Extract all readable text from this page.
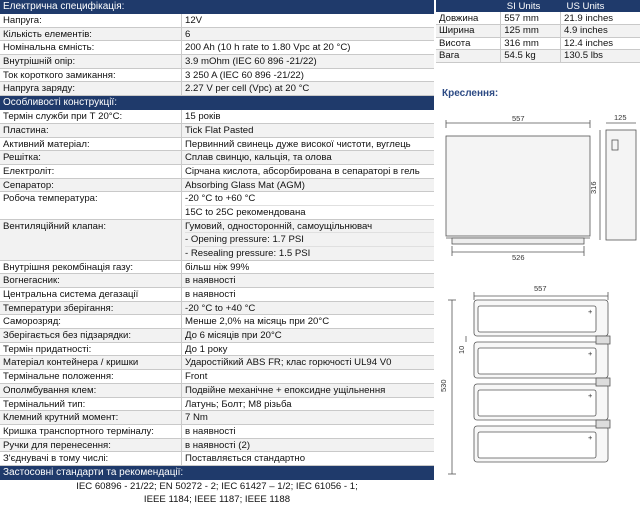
Електрична специфікація:
Напруга:	12V
Кількість елементів:	6
Номінальна ємність:	200 Ah (10 h rate to 1.80 Vpc at 20 °C)
Внутрішній опір:	3.9 mOhm (IEC 60 896 -21/22)
Ток короткого замикання:	3 250 A (IEC 60 896 -21/22)
Напруга заряду:	2.27 V per cell (Vpc) at 20 °C
Особливості конструкції:
Термін служби при Т 20°С:	15 років
Пластина:	Tick Flat Pasted
Активний матеріал:	Первинний свинець дуже високої чистоти, вуглець
Решітка:	Сплав свинцю, кальція, та олова
Електроліт:	Сірчана кислота, абсорбирована в сепараторі в гель
Сепаратор:	Absorbing Glass Mat (AGM)
Робоча температура:	-20 °C to +60 °C
15C to 25C рекомендована
Вентиляційний клапан:	Гумовий, односторонній, самоущільнювач
- Opening pressure: 1.7 PSI
- Resealing pressure: 1.5 PSI
Внутрішня рекомбінація газу:	більш ніж 99%
Вогнегасник:	в наявності
Центральна система дегазації	в наявності
Температури зберігання:	-20 °C to +40 °C
Саморозряд:	Менше 2,0% на місяць при 20°C
Зберігається без підзарядки:	До 6 місяців при 20°C
Термін придатності:	До 1 року
Матеріал контейнера / кришки	Ударостійкий ABS FR; клас горючості UL94 V0
Термінальне положення:	Front
Ополмбування клем:	Подвійне механічне + епоксидне ущільнення
Термінальний тип:	Латунь; Болт; M8 різьба
Клемний крутний момент:	7 Nm
Кришка транспортного терміналу:	в наявності
Ручки для перенесення:	в наявності (2)
З'єднувачі в тому числі:	Поставляється стандартно
Застосовні стандарти та рекомендації:
IEC 60896 - 21/22; EN 50272 - 2; IEC 61427 – 1/2; IEC 61056 - 1;
IEEE 1184; IEEE 1187; IEEE 1188
	SI Units	US Units
Довжина	557 mm	21.9 inches
Ширина	125 mm	4.9 inches
Висота	316 mm	12.4 inches
Вага	54.5 kg	130.5 lbs
Креслення:
557
526
125
316
+
+
+
+
557
10
530
